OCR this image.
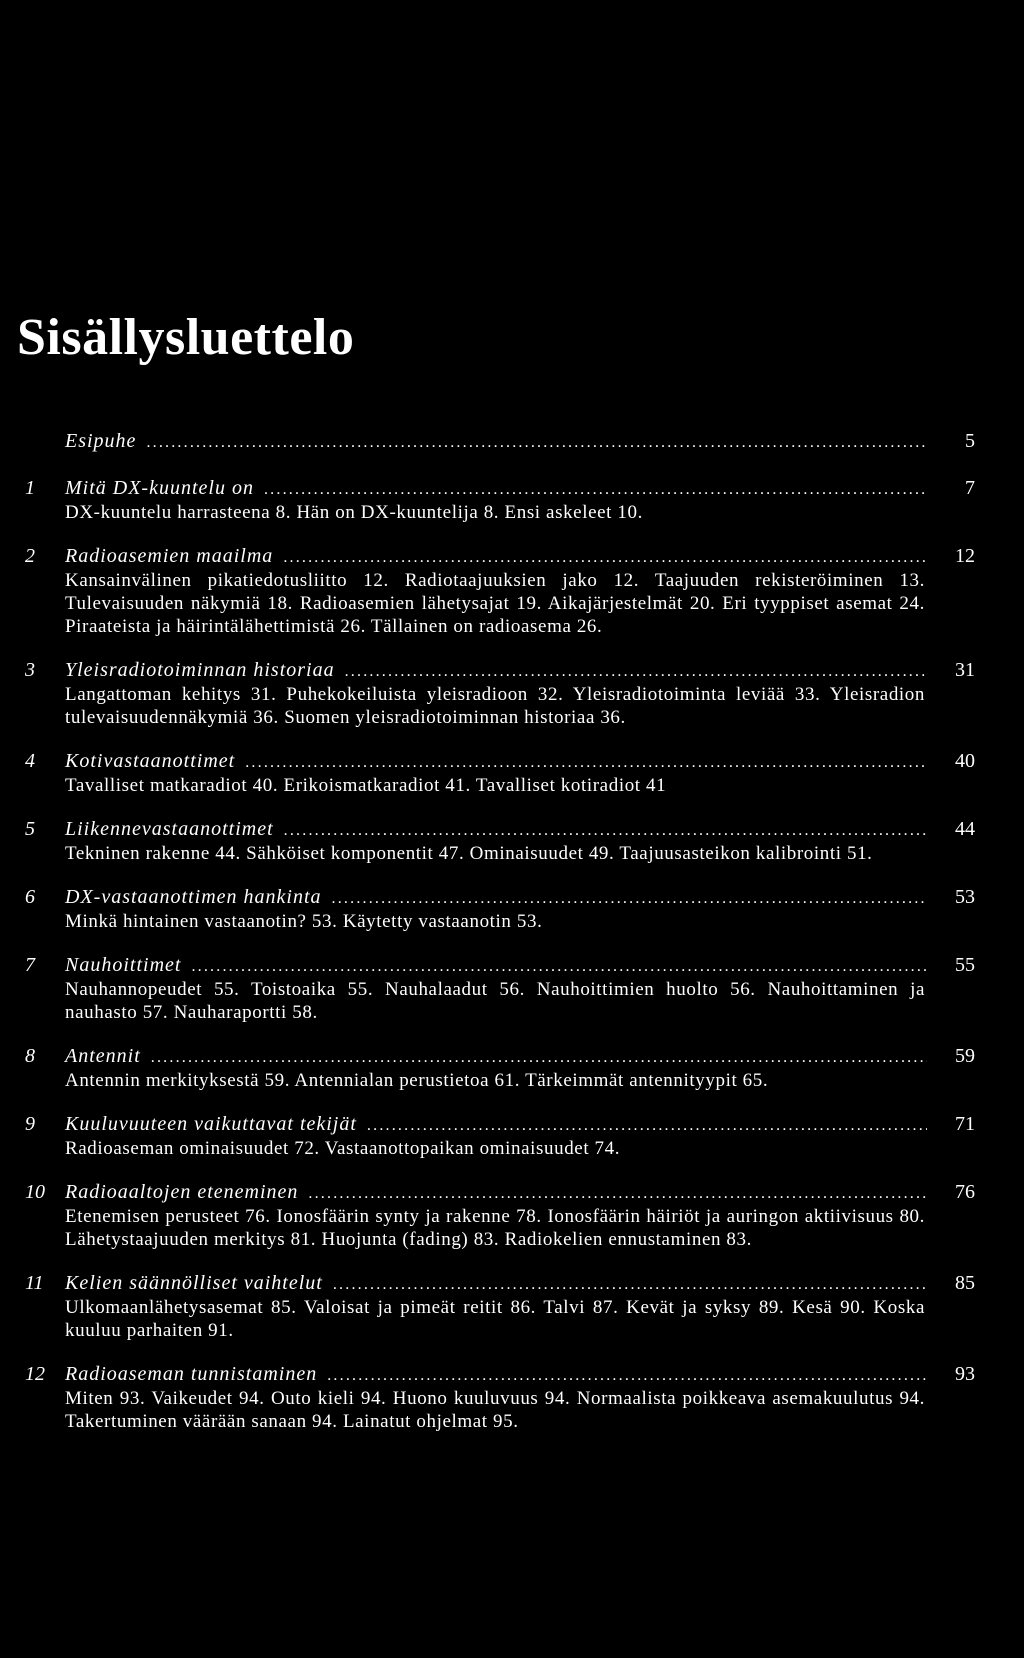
Sisällysluettelo
Esipuhe .....	5
1	Mitä DX-kuuntelu on .....	7
DX-kuuntelu harrasteena 8. Hän on DX-kuuntelija 8. Ensi askeleet 10.
2	Radioasemien maailma .....	12
Kansainvälinen pikatiedotusliitto 12. Radiotaajuuksien jako 12. Taajuuden rekisteröiminen 13. Tulevaisuuden näkymiä 18. Radioasemien lähetysajat 19. Aikajärjestelmät 20. Eri tyyppiset asemat 24. Piraateista ja häirintälähettimistä 26. Tällainen on radioasema 26.
3	Yleisradiotoiminnan historiaa .....	31
Langattoman kehitys 31. Puhekokeiluista yleisradioon 32. Yleisradiotoiminta leviää 33. Yleisradion tulevaisuudennäkymiä 36. Suomen yleisradiotoiminnan historiaa 36.
4	Kotivastaanottimet .....	40
Tavalliset matkaradiot 40. Erikoismatkaradiot 41. Tavalliset kotiradiot 41
5	Liikennevastaanottimet .....	44
Tekninen rakenne 44. Sähköiset komponentit 47. Ominaisuudet 49. Taajuusasteikon kalibrointi 51.
6	DX-vastaanottimen hankinta .....	53
Minkä hintainen vastaanotin? 53. Käytetty vastaanotin 53.
7	Nauhoittimet .....	55
Nauhannopeudet 55. Toistoaika 55. Nauhalaadut 56. Nauhoittimien huolto 56. Nauhoittaminen ja nauhasto 57. Nauharaportti 58.
8	Antennit .....	59
Antennin merkityksestä 59. Antennialan perustietoa 61. Tärkeimmät antennityypit 65.
9	Kuuluvuuteen vaikuttavat tekijät .....	71
Radioaseman ominaisuudet 72. Vastaanottopaikan ominaisuudet 74.
10	Radioaaltojen eteneminen .....	76
Etenemisen perusteet 76. Ionosfäärin synty ja rakenne 78. Ionosfäärin häiriöt ja auringon aktiivisuus 80. Lähetystaajuuden merkitys 81. Huojunta (fading) 83. Radiokelien ennustaminen 83.
11	Kelien säännölliset vaihtelut .....	85
Ulkomaanlähetysasemat 85. Valoisat ja pimeät reitit 86. Talvi 87. Kevät ja syksy 89. Kesä 90. Koska kuuluu parhaiten 91.
12	Radioaseman tunnistaminen .....	93
Miten 93. Vaikeudet 94. Outo kieli 94. Huono kuuluvuus 94. Normaalista poikkeava asemakuulutus 94. Takertuminen väärään sanaan 94. Lainatut ohjelmat 95.
